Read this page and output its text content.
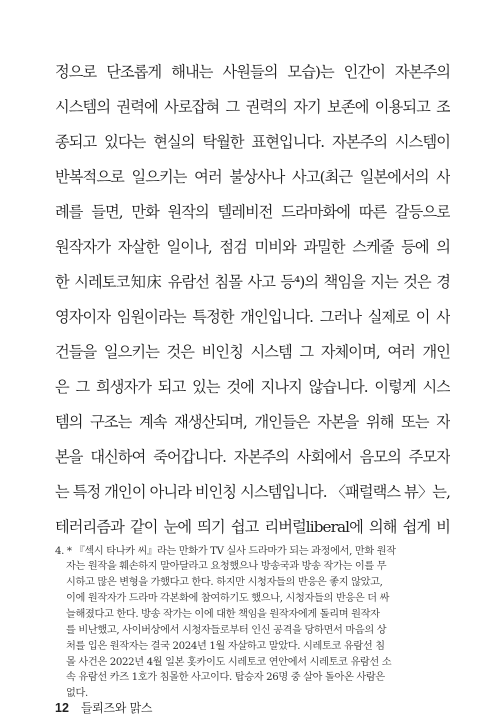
정으로 단조롭게 해내는 사원들의 모습)는 인간이 자본주의
시스템의 권력에 사로잡혀 그 권력의 자기 보존에 이용되고 조
종되고 있다는 현실의 탁월한 표현입니다. 자본주의 시스템이
반복적으로 일으키는 여러 불상사나 사고(최근 일본에서의 사
례를 들면, 만화 원작의 텔레비전 드라마화에 따른 갈등으로
원작자가 자살한 일이나, 점검 미비와 과밀한 스케줄 등에 의
한 시레토코知床 유람선 침몰 사고 등⁴)의 책임을 지는 것은 경
영자이자 임원이라는 특정한 개인입니다. 그러나 실제로 이 사
건들을 일으키는 것은 비인칭 시스템 그 자체이며, 여러 개인
은 그 희생자가 되고 있는 것에 지나지 않습니다. 이렇게 시스
템의 구조는 계속 재생산되며, 개인들은 자본을 위해 또는 자
본을 대신하여 죽어갑니다. 자본주의 사회에서 음모의 주모자
는 특정 개인이 아니라 비인칭 시스템입니다. 〈패럴랙스 뷰〉는,
테러리즘과 같이 눈에 띄기 쉽고 리버럴liberal에 의해 쉽게 비
4. * 『섹시 타나카 씨』라는 만화가 TV 실사 드라마가 되는 과정에서, 만화 원작
자는 원작을 훼손하지 말아달라고 요청했으나 방송국과 방송 작가는 이를 무
시하고 많은 변형을 가했다고 한다. 하지만 시청자들의 반응은 좋지 않았고,
이에 원작자가 드라마 각본화에 참여하기도 했으나, 시청자들의 반응은 더 싸
늘해졌다고 한다. 방송 작가는 이에 대한 책임을 원작자에게 돌리며 원작자
를 비난했고, 사이버상에서 시청자들로부터 인신 공격을 당하면서 마음의 상
처를 입은 원작자는 결국 2024년 1월 자살하고 말았다. 시레토코 유람선 침
몰 사건은 2022년 4월 일본 홋카이도 시레토코 연안에서 시레토코 유람선 소
속 유람선 카즈 1호가 침몰한 사고이다. 탑승자 26명 중 살아 돌아온 사람은
없다.
12 들뢰즈와 맑스
